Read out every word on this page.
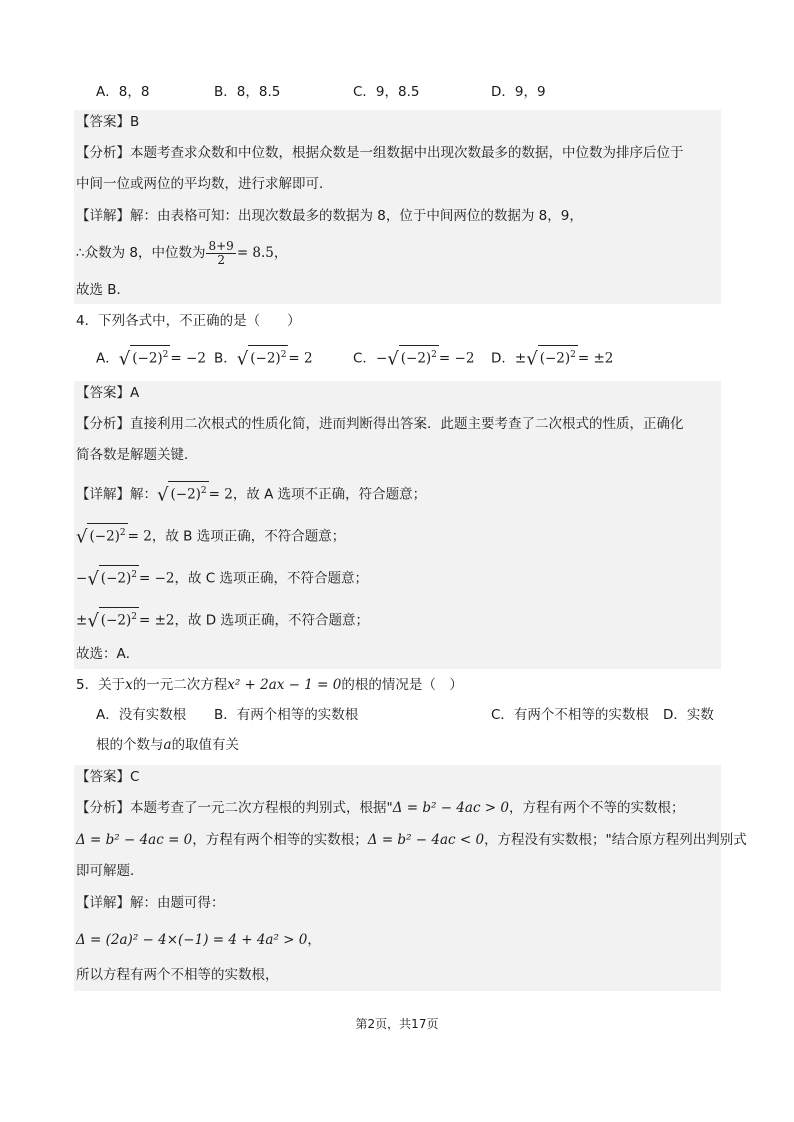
A．8，8	B．8，8.5	C．9，8.5	D．9，9
【答案】B
【分析】本题考查求众数和中位数，根据众数是一组数据中出现次数最多的数据，中位数为排序后位于
中间一位或两位的平均数，进行求解即可．
【详解】解：由表格可知：出现次数最多的数据为 8，位于中间两位的数据为 8，9，
∴众数为 8，中位数为 $\frac{8+9}{2} = 8.5$，
故选 B．
4．下列各式中，不正确的是（　　）
A．√ $(-2)^2 = -2$ B．√ $(-2)^2 = 2$	C．−√ $(-2)^2 = -2$ D．±√ $(-2)^2 = \pm 2$
【答案】A
【分析】直接利用二次根式的性质化简，进而判断得出答案．此题主要考查了二次根式的性质，正确化
简各数是解题关键．
【详解】解：√ $(-2)^2 = 2$，故 A 选项不正确，符合题意；
√ $(-2)^2 = 2$，故 B 选项正确，不符合题意；
−√ $(-2)^2 = -2$，故 C 选项正确，不符合题意；
±√ $(-2)^2 = \pm 2$，故 D 选项正确，不符合题意；
故选：A．
5．关于x的一元二次方程x² + 2ax − 1 = 0的根的情况是（　）
A．没有实数根 B．有两个相等的实数根	C．有两个不相等的实数根 D．实数
根的个数与a的取值有关
【答案】C
【分析】本题考查了一元二次方程根的判别式，根据"Δ = b² − 4ac > 0，方程有两个不等的实数根；
Δ = b² − 4ac = 0，方程有两个相等的实数根；Δ = b² − 4ac < 0，方程没有实数根；"结合原方程列出判别式
即可解题．
【详解】解：由题可得：
Δ = (2a)² − 4×(−1) = 4 + 4a² > 0，
所以方程有两个不相等的实数根，
第2页，共17页
